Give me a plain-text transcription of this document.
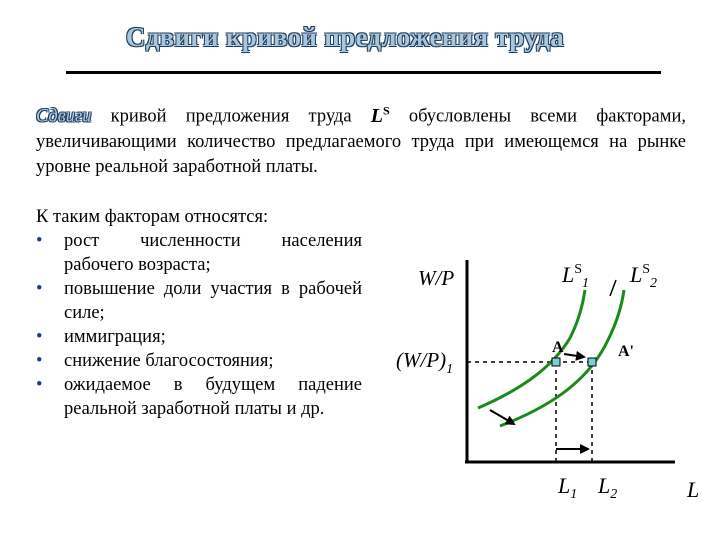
Сдвиги кривой предложения труда
Сдвиги кривой предложения труда $L^S$ обусловлены всеми факторами, увеличивающими количество предлагаемого труда при имеющемся на рынке уровне реальной заработной платы.
К таким факторам относятся:
• рост численности населения рабочего возраста;
• повышение доли участия в рабочей силе;
• иммиграция;
• снижение благосостояния;
• ожидаемое в будущем падение реальной заработной платы и др.
W/P
$(W/P)_1$
L
$L^S_1$ $L^S_2$
A	A'
$L_1$ $L_2$
